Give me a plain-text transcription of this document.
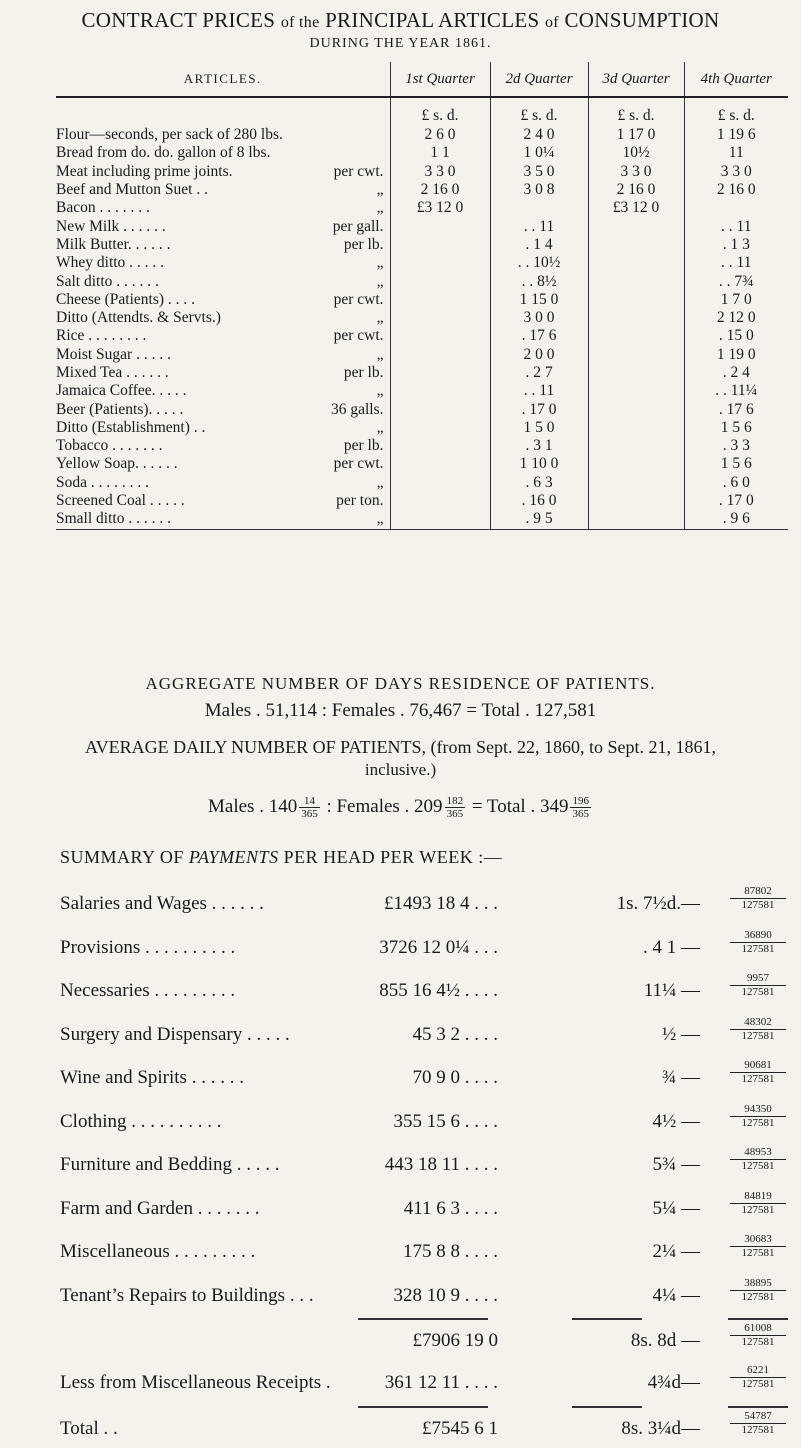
CONTRACT PRICES of the PRINCIPAL ARTICLES of CONSUMPTION
DURING THE YEAR 1861.
ARTICLES.	1st Quarter	2d Quarter	3d Quarter	4th Quarter
	£ s. d.	£ s. d.	£ s. d.	£ s. d.

Flour—seconds, per sack of 280 lbs.	2 6 0	2 4 0	1 17 0	1 19 6

Bread from do. do. gallon of 8 lbs.	1 1	1 0¼	10½	11

Meat including prime joints. per cwt.	3 3 0	3 5 0	3 3 0	3 3 0

Beef and Mutton Suet . . „	2 16 0	3 0 8	2 16 0	2 16 0

Bacon . . . . . . . „	£3 12 0		£3 12 0	

New Milk . . . . . . per gall.		. . 11		. . 11

Milk Butter. . . . . . per lb.		. 1 4		. 1 3

Whey ditto . . . . . „		. . 10½		. . 11

Salt ditto . . . . . . „		. . 8½		. . 7¾

Cheese (Patients) . . . . per cwt.		1 15 0		1 7 0

Ditto (Attendts. & Servts.) „		3 0 0		2 12 0

Rice . . . . . . . . per cwt.		. 17 6		. 15 0

Moist Sugar . . . . . „		2 0 0		1 19 0

Mixed Tea . . . . . . per lb.		. 2 7		. 2 4

Jamaica Coffee. . . . . „		. . 11		. . 11¼

Beer (Patients). . . . . 36 galls.		. 17 0		. 17 6

Ditto (Establishment) . . „		1 5 0		1 5 6

Tobacco . . . . . . . per lb.		. 3 1		. 3 3

Yellow Soap. . . . . . per cwt.		1 10 0		1 5 6

Soda . . . . . . . . „		. 6 3		. 6 0

Screened Coal . . . . . per ton.		. 16 0		. 17 0

Small ditto . . . . . . „		. 9 5		. 9 6
AGGREGATE NUMBER OF DAYS RESIDENCE OF PATIENTS.
Males . 51,114 : Females . 76,467 = Total . 127,581
AVERAGE DAILY NUMBER OF PATIENTS, (from Sept. 22, 1860, to Sept. 21, 1861,
inclusive.)
Males . $140 \frac{14}{365}$ : Females . $209 \frac{182}{365}$ = Total . $349 \frac{196}{365}$
SUMMARY OF PAYMENTS PER HEAD PER WEEK :—
Salaries and Wages . . . . . .	£1493 18 4 . . .	1s. 7½d.—
87802
127581
Provisions . . . . . . . . . .	3726 12 0¼ . . .	. 4 1 —
36890
127581
Necessaries . . . . . . . . .	855 16 4½ . . . .	11¼ —
9957
127581
Surgery and Dispensary . . . . .	45 3 2 . . . .	½ —
48302
127581
Wine and Spirits . . . . . .	70 9 0 . . . .	¾ —
90681
127581
Clothing . . . . . . . . . .	355 15 6 . . . .	4½ —
94350
127581
Furniture and Bedding . . . . .	443 18 11 . . . .	5¾ —
48953
127581
Farm and Garden . . . . . . .	411 6 3 . . . .	5¼ —
84819
127581
Miscellaneous . . . . . . . . .	175 8 8 . . . .	2¼ —
30683
127581
Tenant’s Repairs to Buildings . . .	328 10 9 . . . .	4¼ —
38895
127581
£7906 19 0	8s. 8d —
61008
127581
Less from Miscellaneous Receipts .	361 12 11 . . . .	4¾d—
6221
127581
Total . .	£7545 6 1	8s. 3¼d—
54787
127581
